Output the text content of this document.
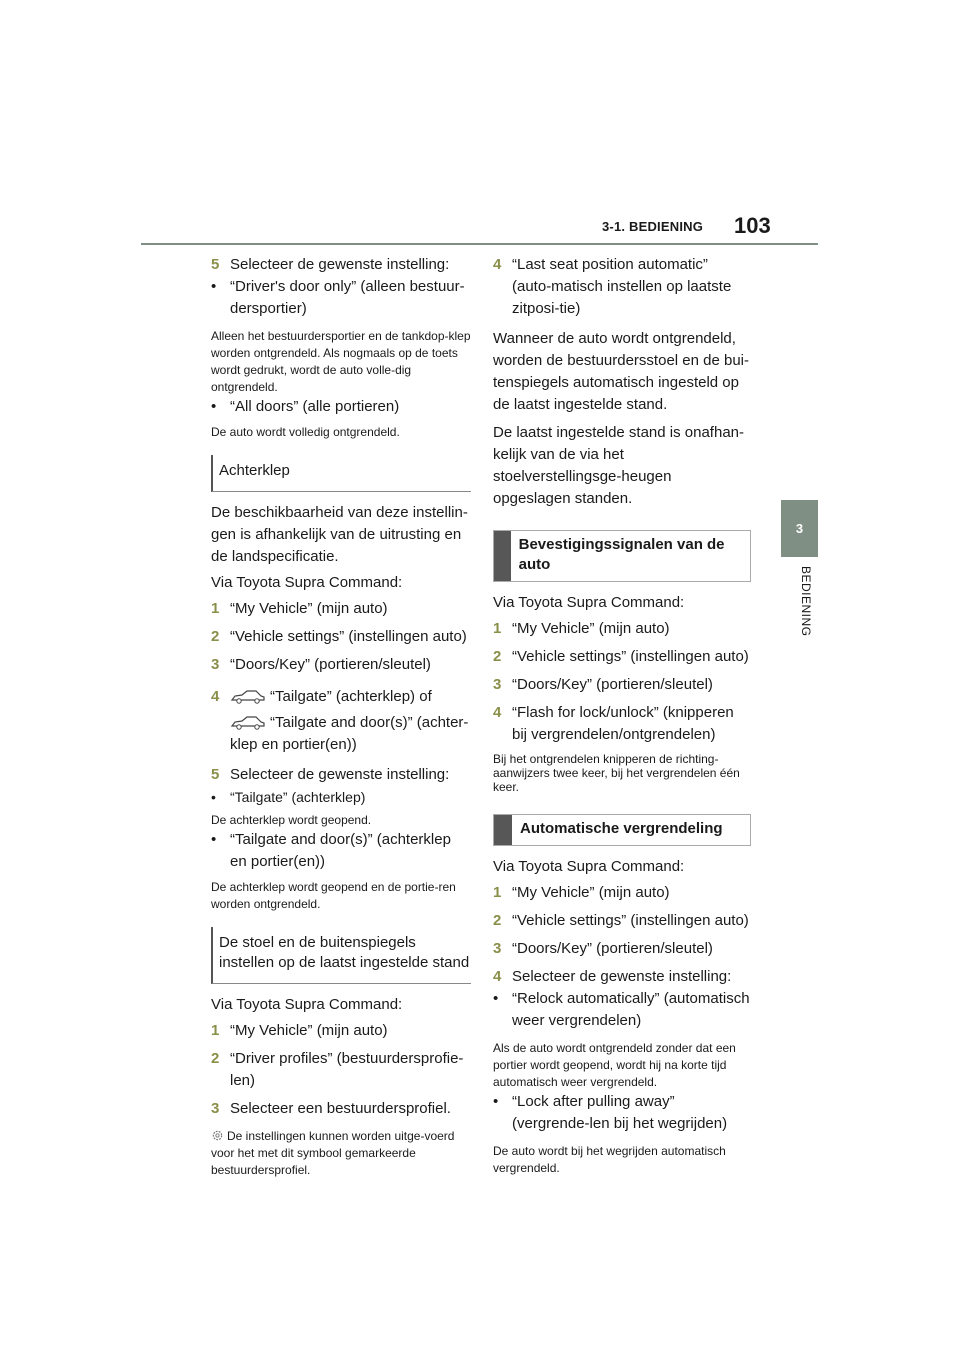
3-1. BEDIENING 103
3
BEDIENING

5 Selecteer de gewenste instelling:

• “Driver's door only” (alleen bestuur-dersportier)

Alleen het bestuurdersportier en de tankdop-klep worden ontgrendeld. Als nogmaals op de toets wordt gedrukt, wordt de auto volle-dig ontgrendeld.

• “All doors” (alle portieren)

De auto wordt volledig ontgrendeld.

Achterklep

De beschikbaarheid van deze instellin-gen is afhankelijk van de uitrusting en de landspecificatie.

Via Toyota Supra Command:

1 “My Vehicle” (mijn auto)

2 “Vehicle settings” (instellingen auto)

3 “Doors/Key” (portieren/sleutel)

4	“Tailgate” (achterklep) of

“Tailgate and door(s)” (achter-klep en portier(en))

5 Selecteer de gewenste instelling:

• “Tailgate” (achterklep)

De achterklep wordt geopend.

• “Tailgate and door(s)” (achterklep en portier(en))

De achterklep wordt geopend en de portie-ren worden ontgrendeld.

De stoel en de buitenspiegels instellen op de laatst ingestelde stand

Via Toyota Supra Command:

1 “My Vehicle” (mijn auto)

2 “Driver profiles” (bestuurdersprofie-len)

3 Selecteer een bestuurdersprofiel.

De instellingen kunnen worden uitge-voerd voor het met dit symbool gemarkeerde bestuurdersprofiel.

4 “Last seat position automatic” (auto-matisch instellen op laatste zitposi-tie)

Wanneer de auto wordt ontgrendeld, worden de bestuurdersstoel en de bui-tenspiegels automatisch ingesteld op de laatst ingestelde stand.

De laatst ingestelde stand is onafhan-kelijk van de via het stoelverstellingsge-heugen opgeslagen standen.

Bevestigingssignalen van de auto

Via Toyota Supra Command:

1 “My Vehicle” (mijn auto)

2 “Vehicle settings” (instellingen auto)

3 “Doors/Key” (portieren/sleutel)

4 “Flash for lock/unlock” (knipperen bij vergrendelen/ontgrendelen)

Bij het ontgrendelen knipperen de richting-aanwijzers twee keer, bij het vergrendelen één keer.

Automatische vergrendeling

Via Toyota Supra Command:

1 “My Vehicle” (mijn auto)

2 “Vehicle settings” (instellingen auto)

3 “Doors/Key” (portieren/sleutel)

4 Selecteer de gewenste instelling:

• “Relock automatically” (automatisch weer vergrendelen)

Als de auto wordt ontgrendeld zonder dat een portier wordt geopend, wordt hij na korte tijd automatisch weer vergrendeld.

• “Lock after pulling away” (vergrende-len bij het wegrijden)

De auto wordt bij het wegrijden automatisch vergrendeld.
